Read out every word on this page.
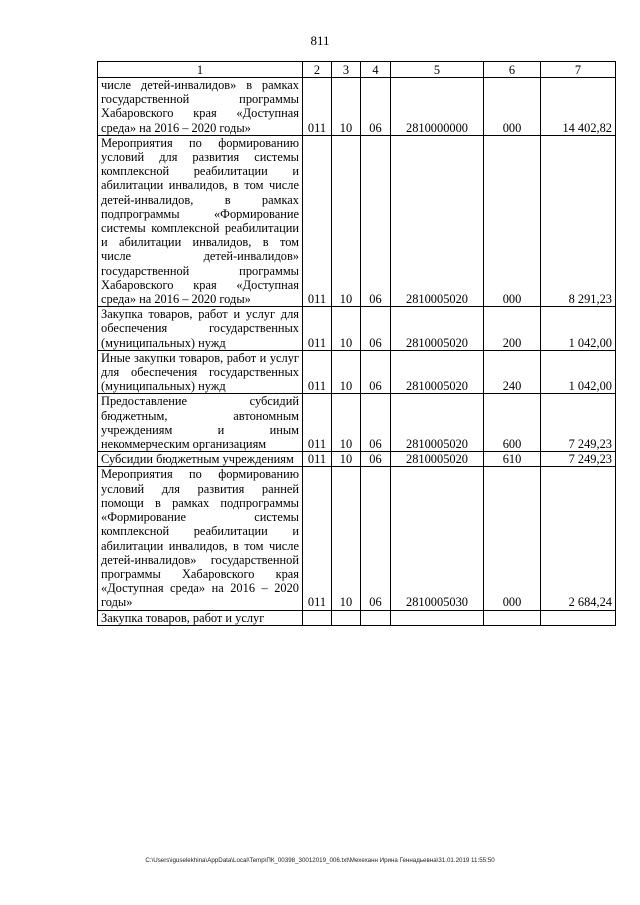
811
1	2	3	4	5	6	7
числе детей-инвалидов» в рамках государственной программы Хабаровского края «Доступная среда» на 2016 – 2020 годы»	011	10	06	2810000000	000	14 402,82
Мероприятия по формированию условий для развития системы комплексной реабилитации и абилитации инвалидов, в том числе детей-инвалидов, в рамках подпрограммы «Формирование системы комплексной реабилитации и абилитации инвалидов, в том числе детей-инвалидов» государственной программы Хабаровского края «Доступная среда» на 2016 – 2020 годы»	011	10	06	2810005020	000	8 291,23
Закупка товаров, работ и услуг для обеспечения государственных (муниципальных) нужд	011	10	06	2810005020	200	1 042,00
Иные закупки товаров, работ и услуг для обеспечения государственных (муниципальных) нужд	011	10	06	2810005020	240	1 042,00
Предоставление субсидий бюджетным, автономным учреждениям и иным некоммерческим организациям	011	10	06	2810005020	600	7 249,23
Субсидии бюджетным учреждениям	011	10	06	2810005020	610	7 249,23
Мероприятия по формированию условий для развития ранней помощи в рамках подпрограммы «Формирование системы комплексной реабилитации и абилитации инвалидов, в том числе детей-инвалидов» государственной программы Хабаровского края «Доступная среда» на 2016 – 2020 годы»	011	10	06	2810005030	000	2 684,24
Закупка товаров, работ и услуг						
C:\Users\iguselekhina\AppData\Local\Temp\ПК_00398_30012019_006.txt\Мехеханн Ирина Геннадьевна\31.01.2019 11:55:50
